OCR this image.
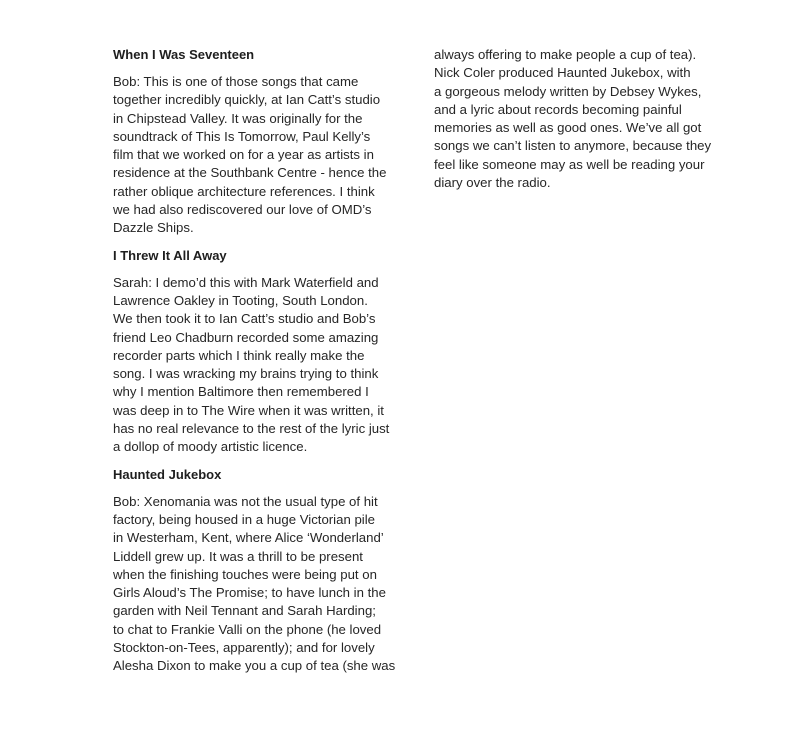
When I Was Seventeen
Bob: This is one of those songs that came
together incredibly quickly, at Ian Catt’s studio
in Chipstead Valley. It was originally for the
soundtrack of This Is Tomorrow, Paul Kelly’s
film that we worked on for a year as artists in
residence at the Southbank Centre - hence the
rather oblique architecture references. I think
we had also rediscovered our love of OMD’s
Dazzle Ships.
I Threw It All Away
Sarah: I demo’d this with Mark Waterfield and
Lawrence Oakley in Tooting, South London.
We then took it to Ian Catt’s studio and Bob’s
friend Leo Chadburn recorded some amazing
recorder parts which I think really make the
song. I was wracking my brains trying to think
why I mention Baltimore then remembered I
was deep in to The Wire when it was written, it
has no real relevance to the rest of the lyric just
a dollop of moody artistic licence.
Haunted Jukebox
Bob: Xenomania was not the usual type of hit
factory, being housed in a huge Victorian pile
in Westerham, Kent, where Alice ‘Wonderland’
Liddell grew up. It was a thrill to be present
when the finishing touches were being put on
Girls Aloud’s The Promise; to have lunch in the
garden with Neil Tennant and Sarah Harding;
to chat to Frankie Valli on the phone (he loved
Stockton-on-Tees, apparently); and for lovely
Alesha Dixon to make you a cup of tea (she was
always offering to make people a cup of tea).
Nick Coler produced Haunted Jukebox, with
a gorgeous melody written by Debsey Wykes,
and a lyric about records becoming painful
memories as well as good ones. We’ve all got
songs we can’t listen to anymore, because they
feel like someone may as well be reading your
diary over the radio.
